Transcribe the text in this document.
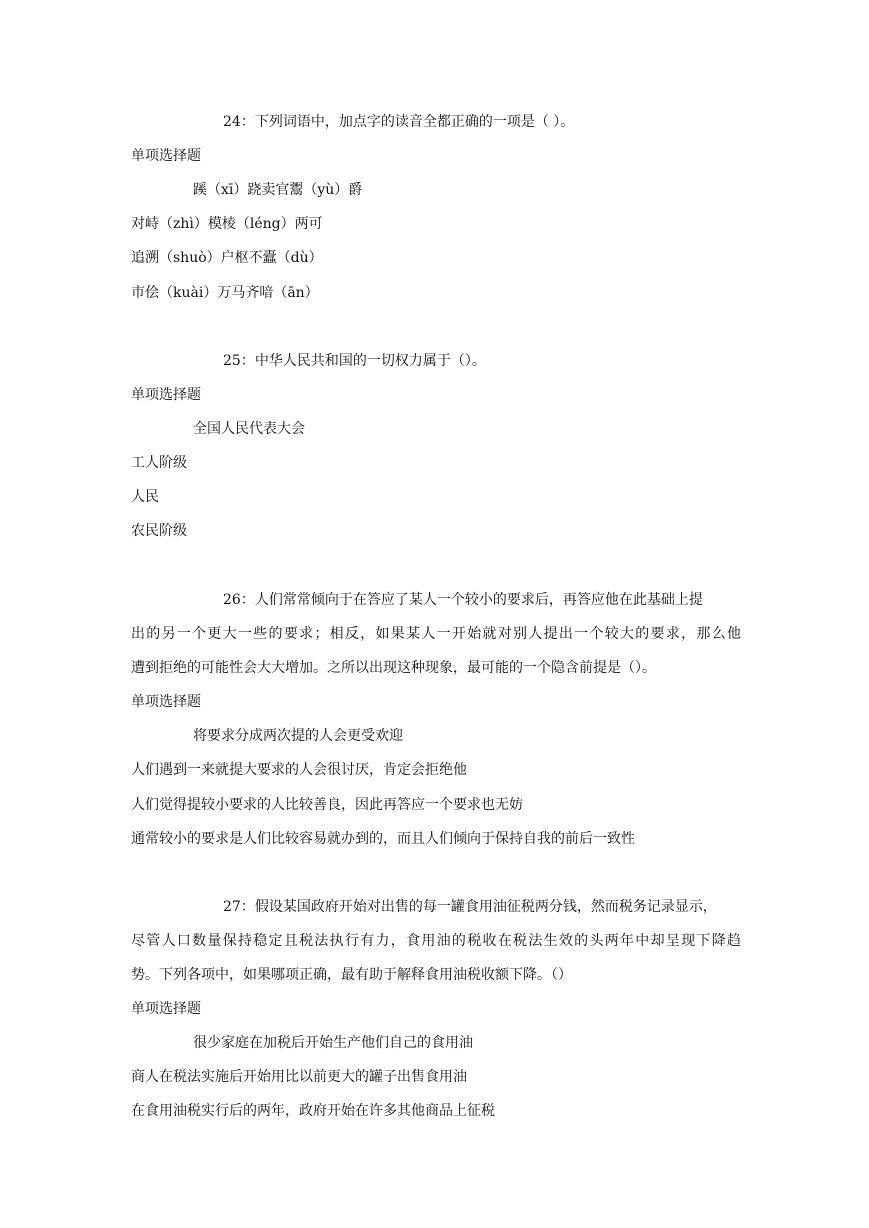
24：下列词语中，加点字的读音全都正确的一项是（ ）。
单项选择题
蹊（xī）跷卖官鬻（yù）爵
对峙（zhì）模棱（léng）两可
追溯（shuò）户枢不蠹（dù）
市侩（kuài）万马齐喑（ān）
25：中华人民共和国的一切权力属于（）。
单项选择题
全国人民代表大会
工人阶级
人民
农民阶级
26：人们常常倾向于在答应了某人一个较小的要求后，再答应他在此基础上提
出的另一个更大一些的要求；相反，如果某人一开始就对别人提出一个较大的要求，那么他
遭到拒绝的可能性会大大增加。之所以出现这种现象，最可能的一个隐含前提是（）。
单项选择题
将要求分成两次提的人会更受欢迎
人们遇到一来就提大要求的人会很讨厌，肯定会拒绝他
人们觉得提较小要求的人比较善良，因此再答应一个要求也无妨
通常较小的要求是人们比较容易就办到的，而且人们倾向于保持自我的前后一致性
27：假设某国政府开始对出售的每一罐食用油征税两分钱，然而税务记录显示，
尽管人口数量保持稳定且税法执行有力，食用油的税收在税法生效的头两年中却呈现下降趋
势。下列各项中，如果哪项正确，最有助于解释食用油税收额下降。（）
单项选择题
很少家庭在加税后开始生产他们自己的食用油
商人在税法实施后开始用比以前更大的罐子出售食用油
在食用油税实行后的两年，政府开始在许多其他商品上征税
